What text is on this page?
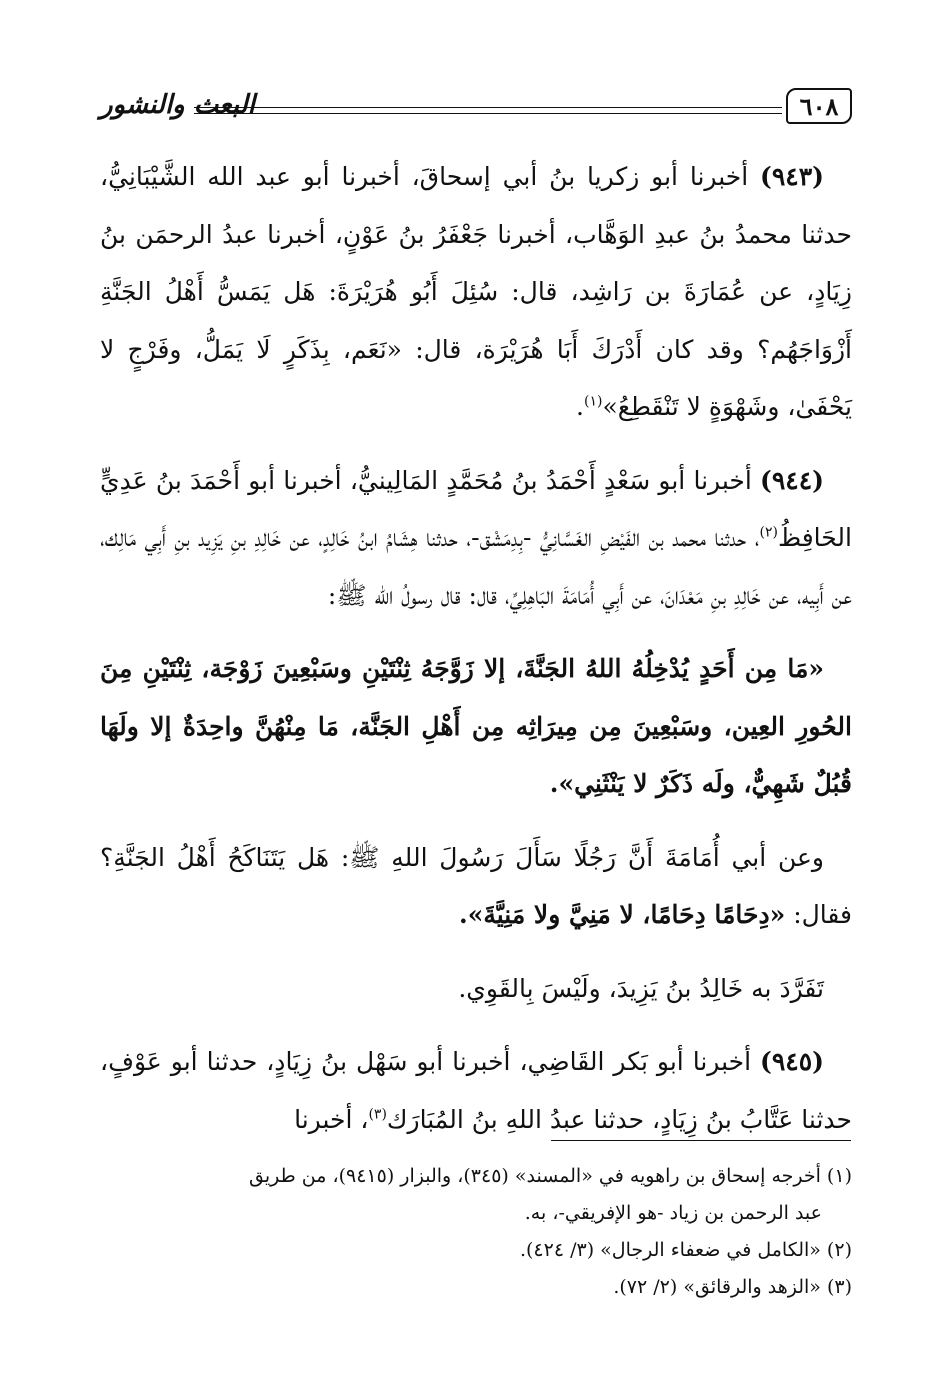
٦٠٨
البعث والنشور

(٩٤٣) أخبرنا أبو زكريا بنُ أبي إسحاقَ، أخبرنا أبو عبد الله الشَّيْبَانِيُّ، حدثنا محمدُ بنُ عبدِ الوَهَّاب، أخبرنا جَعْفَرُ بنُ عَوْنٍ، أخبرنا عبدُ الرحمَن بنُ زِيَادٍ، عن عُمَارَةَ بن رَاشِد، قال: سُئِلَ أَبُو هُرَيْرَةَ: هَل يَمَسُّ أَهْلُ الجَنَّةِ أَزْوَاجَهُم؟ وقد كان أَدْرَكَ أَبَا هُرَيْرَة، قال: «نَعَم، بِذَكَرٍ لَا يَمَلُّ، وفَرْجٍ لا يَحْفَىٰ، وشَهْوَةٍ لا تَنْقَطِعُ»$^{(١)}$.

(٩٤٤) أخبرنا أبو سَعْدٍ أَحْمَدُ بنُ مُحَمَّدٍ المَالِينيُّ، أخبرنا أبو أَحْمَدَ بنُ عَدِيٍّ الحَافِظُ$^{(٢)}$، حدثنا محمد بن الفَيْضِ الغَسَّانِيُّ -بِدِمَشْق-، حدثنا هِشَامُ ابنُ خَالِدٍ، عن خَالِدِ بنِ يَزِيد بنِ أَبِي مَالِك، عن أَبِيه، عن خَالِدِ بنِ مَعْدَانَ، عن أَبِي أُمَامَةَ البَاهِلِيِّ، قال: قال رسولُ الله ﷺ:

«مَا مِن أَحَدٍ يُدْخِلُهُ اللهُ الجَنَّةَ، إلا زَوَّجَهُ ثِنْتَيْنِ وسَبْعِينَ زَوْجَة، ثِنْتَيْنِ مِنَ الحُورِ العِين، وسَبْعِينَ مِن مِيرَاثِه مِن أَهْلِ الجَنَّة، مَا مِنْهُنَّ واحِدَةٌ إلا ولَهَا قُبُلٌ شَهِيٌّ، ولَه ذَكَرٌ لا يَنْثَنِي».

وعن أبي أُمَامَةَ أَنَّ رَجُلًا سَأَلَ رَسُولَ اللهِ ﷺ: هَل يَتَنَاكَحُ أَهْلُ الجَنَّةِ؟ فقال: «دِحَامًا دِحَامًا، لا مَنِيَّ ولا مَنِيَّةَ».

تَفَرَّدَ به خَالِدُ بنُ يَزِيدَ، ولَيْسَ بِالقَوِي.

(٩٤٥) أخبرنا أبو بَكر القَاضِي، أخبرنا أبو سَهْل بنُ زِيَادٍ، حدثنا أبو عَوْفٍ، حدثنا عَتَّابُ بنُ زِيَادٍ، حدثنا عبدُ اللهِ بنُ المُبَارَك$^{(٣)}$، أخبرنا

(١) أخرجه إسحاق بن راهويه في «المسند» (٣٤٥)، والبزار (٩٤١٥)، من طريق

عبد الرحمن بن زياد -هو الإفريقي-، به.

(٢) «الكامل في ضعفاء الرجال» (٣/ ٤٢٤).

(٣) «الزهد والرقائق» (٢/ ٧٢).
